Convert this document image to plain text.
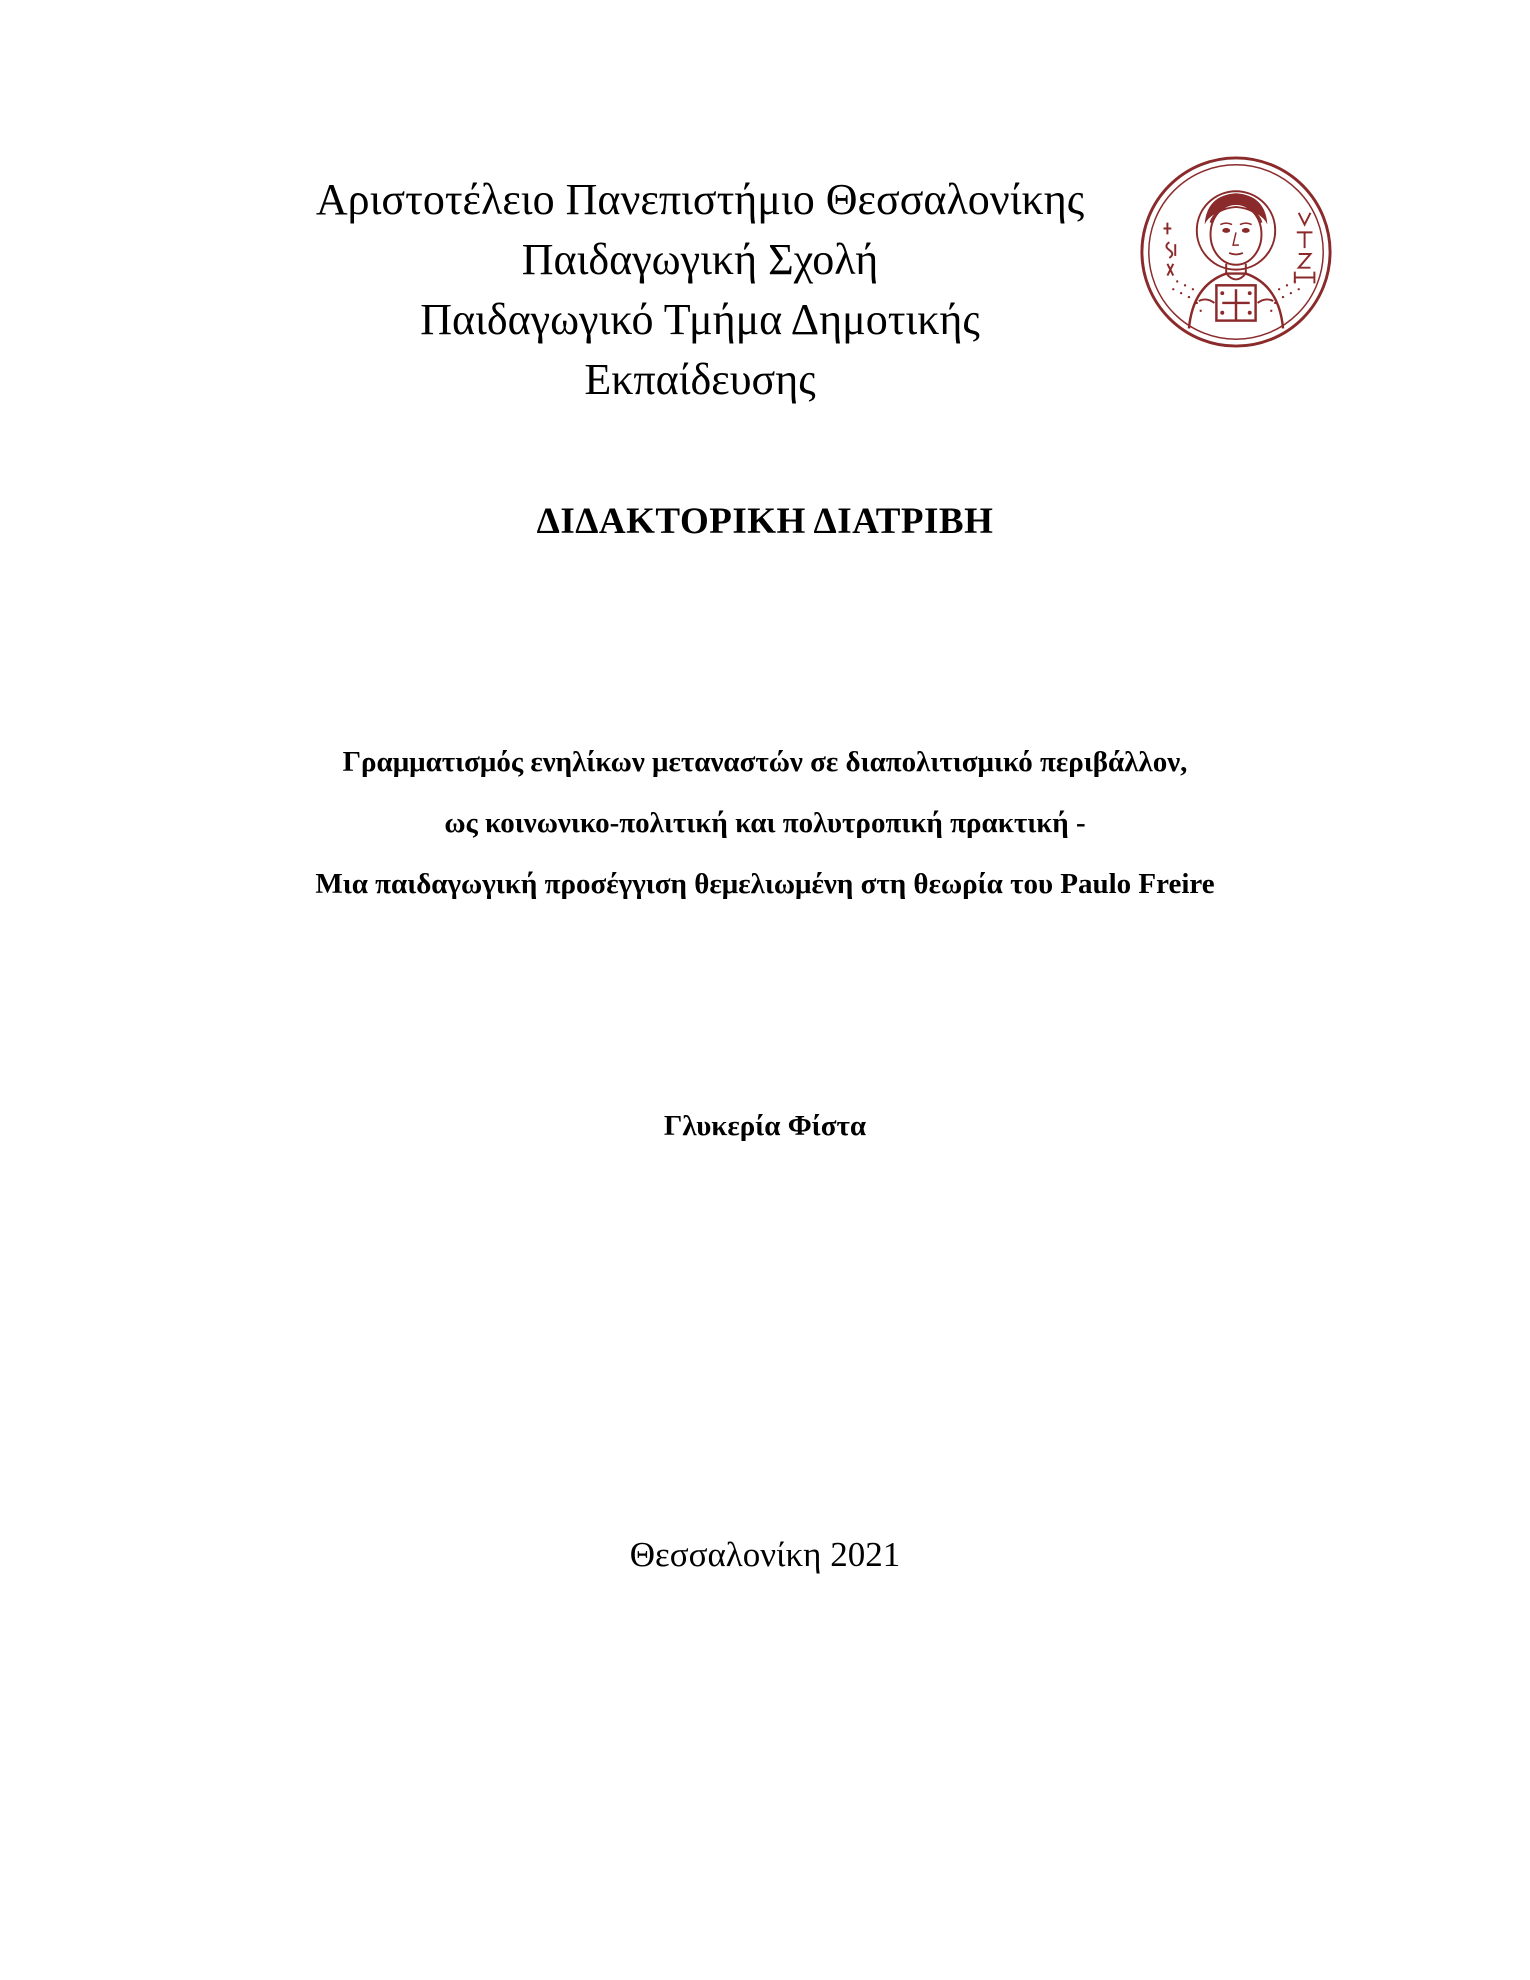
Αριστοτέλειο Πανεπιστήμιο Θεσσαλονίκης
Παιδαγωγική Σχολή
Παιδαγωγικό Τμήμα Δημοτικής
Εκπαίδευσης
ΔΙΔΑΚΤΟΡΙΚΗ ΔΙΑΤΡΙΒΗ
Γραμματισμός ενηλίκων μεταναστών σε διαπολιτισμικό περιβάλλον,
ως κοινωνικο-πολιτική και πολυτροπική πρακτική -
Μια παιδαγωγική προσέγγιση θεμελιωμένη στη θεωρία του Paulo Freire
Γλυκερία Φίστα
Θεσσαλονίκη 2021
